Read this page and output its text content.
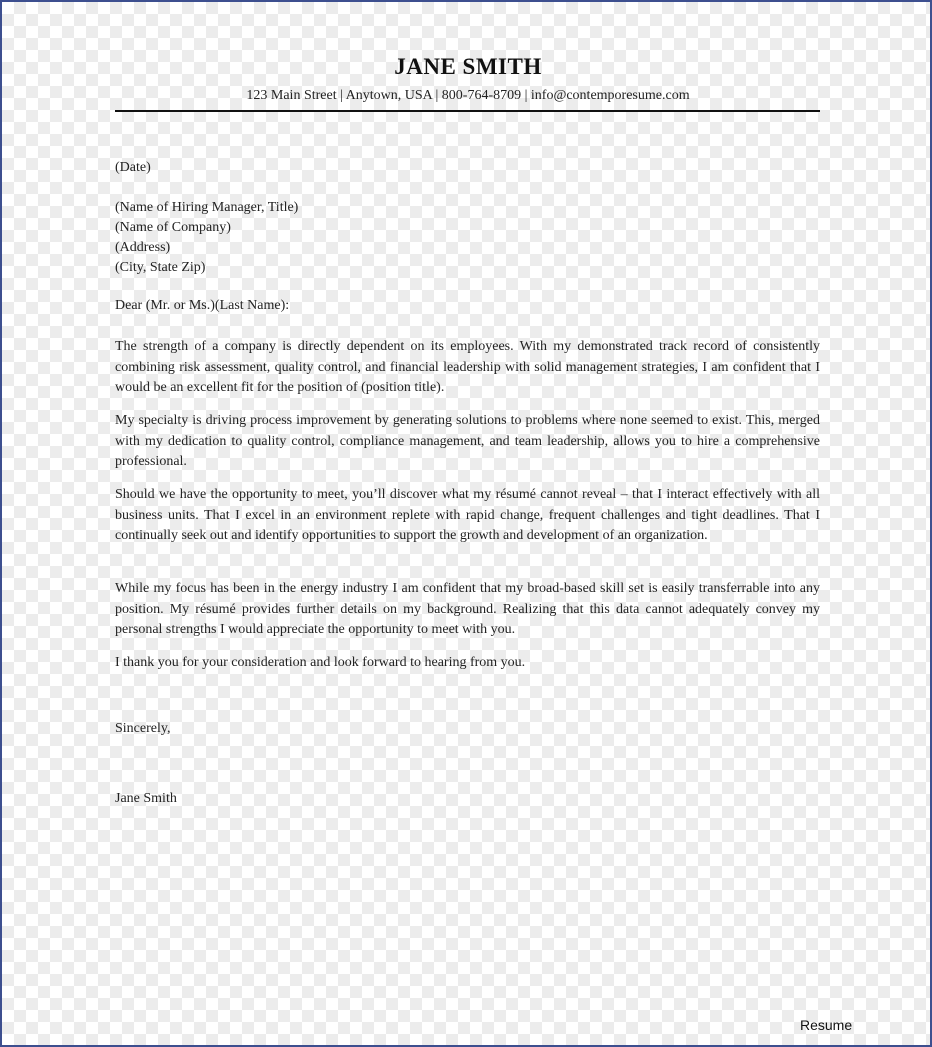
JANE SMITH
123 Main Street | Anytown, USA | 800-764-8709 | info@contemporesume.com
(Date)
(Name of Hiring Manager, Title)
(Name of Company)
(Address)
(City, State Zip)
Dear (Mr. or Ms.)(Last Name):
The strength of a company is directly dependent on its employees. With my demonstrated track record of consistently combining risk assessment, quality control, and financial leadership with solid management strategies, I am confident that I would be an excellent fit for the position of (position title).
My specialty is driving process improvement by generating solutions to problems where none seemed to exist. This, merged with my dedication to quality control, compliance management, and team leadership, allows you to hire a comprehensive professional.
Should we have the opportunity to meet, you’ll discover what my résumé cannot reveal – that I interact effectively with all business units. That I excel in an environment replete with rapid change, frequent challenges and tight deadlines. That I continually seek out and identify opportunities to support the growth and development of an organization.
While my focus has been in the energy industry I am confident that my broad-based skill set is easily transferrable into any position. My résumé provides further details on my background. Realizing that this data cannot adequately convey my personal strengths I would appreciate the opportunity to meet with you.
I thank you for your consideration and look forward to hearing from you.
Sincerely,
Jane Smith
Resume
